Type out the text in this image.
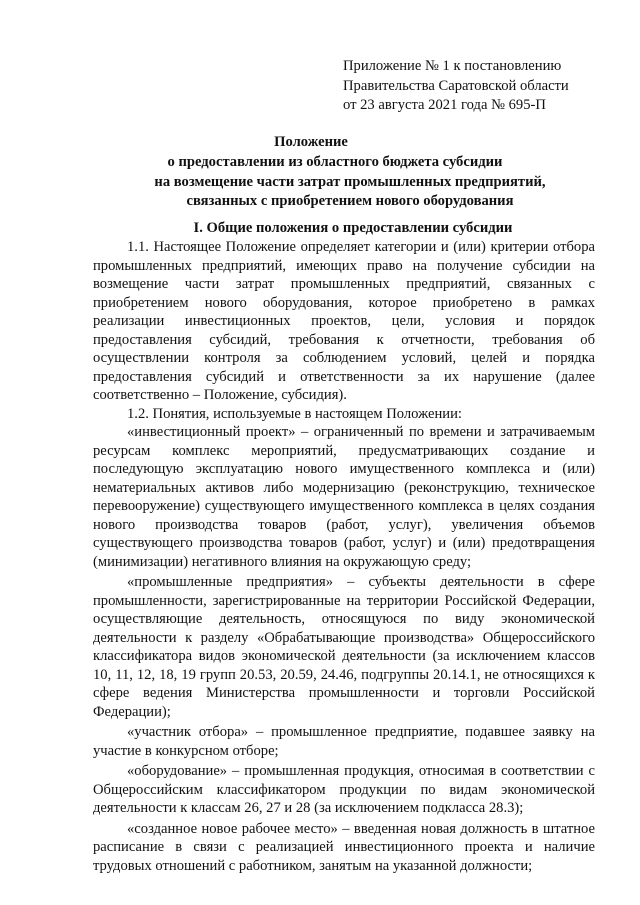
Приложение № 1 к постановлению
Правительства Саратовской области
от 23 августа 2021 года № 695-П
Положение
о предоставлении из областного бюджета субсидии
на возмещение части затрат промышленных предприятий,
связанных с приобретением нового оборудования
I. Общие положения о предоставлении субсидии

1.1. Настоящее Положение определяет категории и (или) критерии отбора промышленных предприятий, имеющих право на получение субсидии на возмещение части затрат промышленных предприятий, связанных с приобретением нового оборудования, которое приобретено в рамках реализации инвестиционных проектов, цели, условия и порядок предоставления субсидий, требования к отчетности, требования об осуществлении контроля за соблюдением условий, целей и порядка предоставления субсидий и ответственности за их нарушение (далее соответственно – Положение, субсидия).

1.2. Понятия, используемые в настоящем Положении:

«инвестиционный проект» – ограниченный по времени и затрачиваемым ресурсам комплекс мероприятий, предусматривающих создание и последующую эксплуатацию нового имущественного комплекса и (или) нематериальных активов либо модернизацию (реконструкцию, техническое перевооружение) существующего имущественного комплекса в целях создания нового производства товаров (работ, услуг), увеличения объемов существующего производства товаров (работ, услуг) и (или) предотвращения (минимизации) негативного влияния на окружающую среду;

«промышленные предприятия» – субъекты деятельности в сфере промышленности, зарегистрированные на территории Российской Федерации, осуществляющие деятельность, относящуюся по виду экономической деятельности к разделу «Обрабатывающие производства» Общероссийского классификатора видов экономической деятельности (за исключением классов 10, 11, 12, 18, 19 групп 20.53, 20.59, 24.46, подгруппы 20.14.1, не относящихся к сфере ведения Министерства промышленности и торговли Российской Федерации);

«участник отбора» – промышленное предприятие, подавшее заявку на участие в конкурсном отборе;

«оборудование» – промышленная продукция, относимая в соответствии с Общероссийским классификатором продукции по видам экономической деятельности к классам 26, 27 и 28 (за исключением подкласса 28.3);

«созданное новое рабочее место» – введенная новая должность в штатное расписание в связи с реализацией инвестиционного проекта и наличие трудовых отношений с работником, занятым на указанной должности;
